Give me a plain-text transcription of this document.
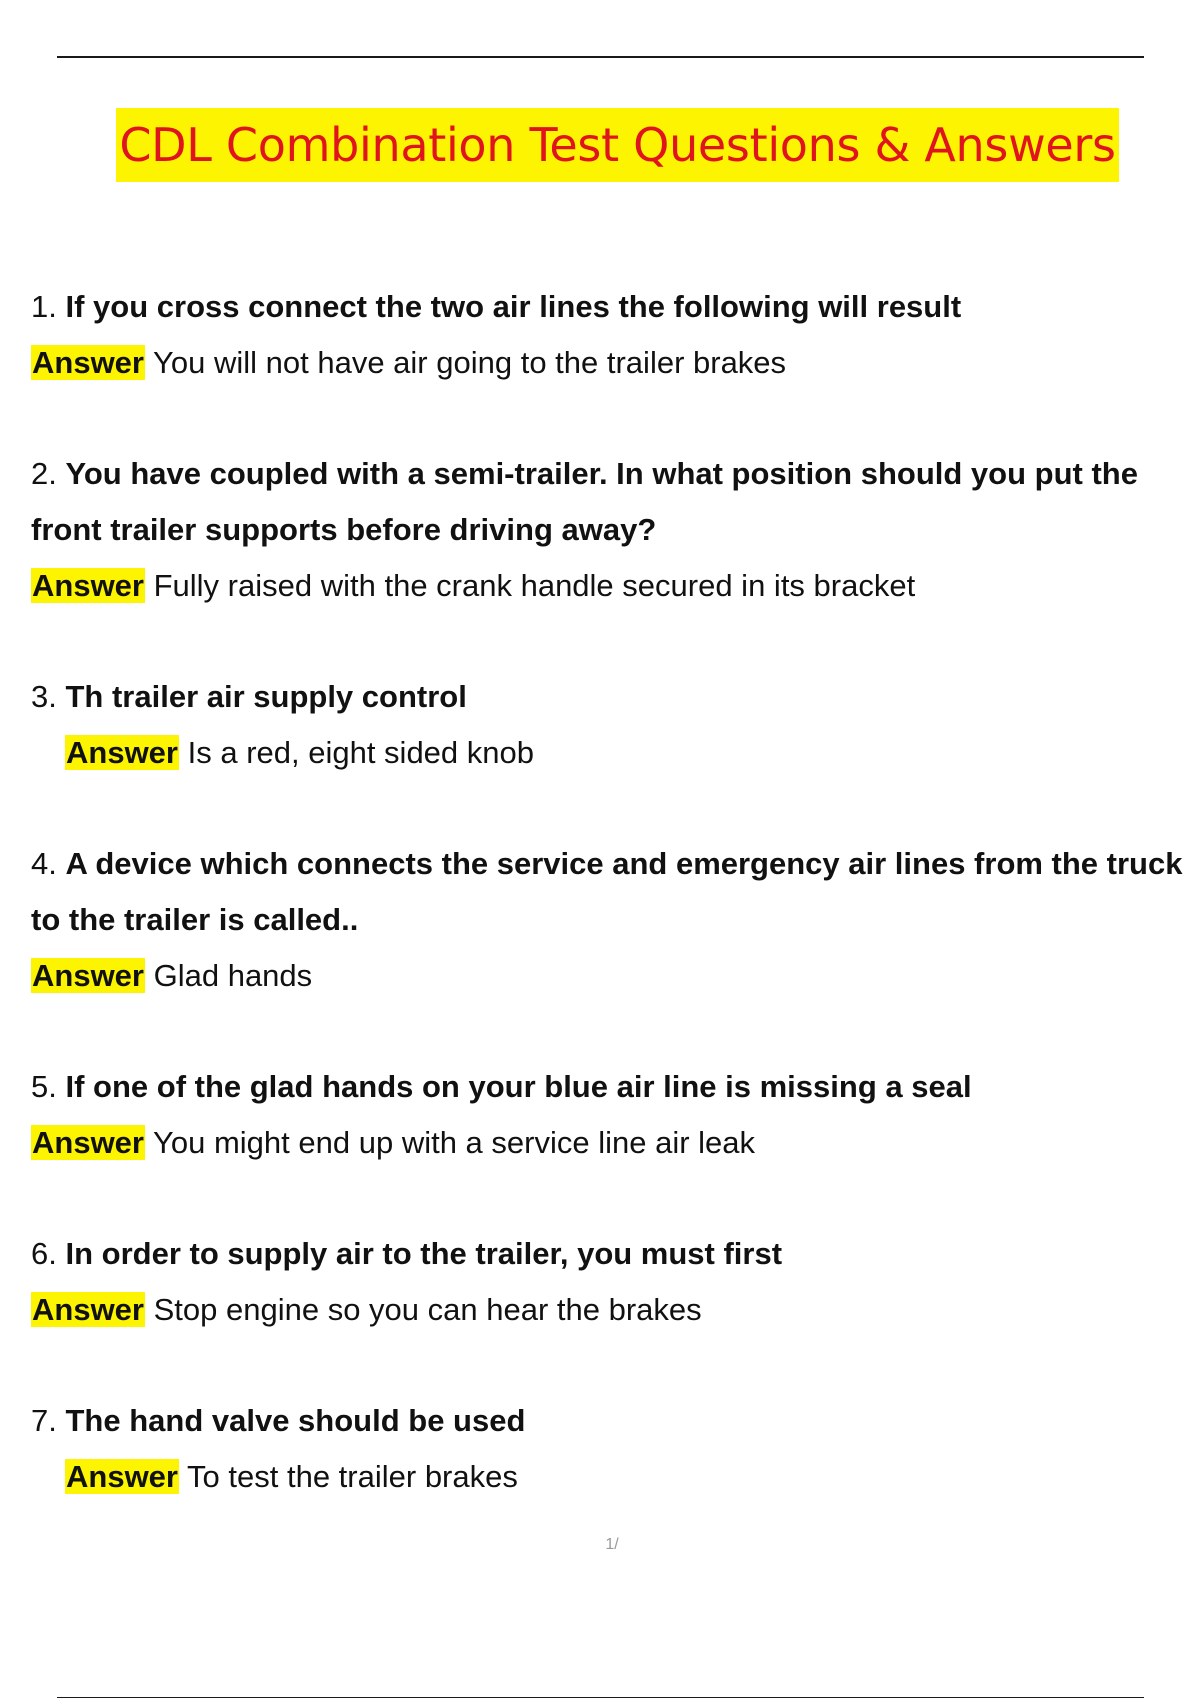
CDL Combination Test Questions & Answers
1. If you cross connect the two air lines the following will result
Answer You will not have air going to the trailer brakes
2. You have coupled with a semi-trailer. In what position should you put the front trailer supports before driving away?
Answer Fully raised with the crank handle secured in its bracket
3. Th trailer air supply control
Answer Is a red, eight sided knob
4. A device which connects the service and emergency air lines from the truck to the trailer is called..
Answer Glad hands
5. If one of the glad hands on your blue air line is missing a seal
Answer You might end up with a service line air leak
6. In order to supply air to the trailer, you must first
Answer Stop engine so you can hear the brakes
7. The hand valve should be used
Answer To test the trailer brakes
1/
